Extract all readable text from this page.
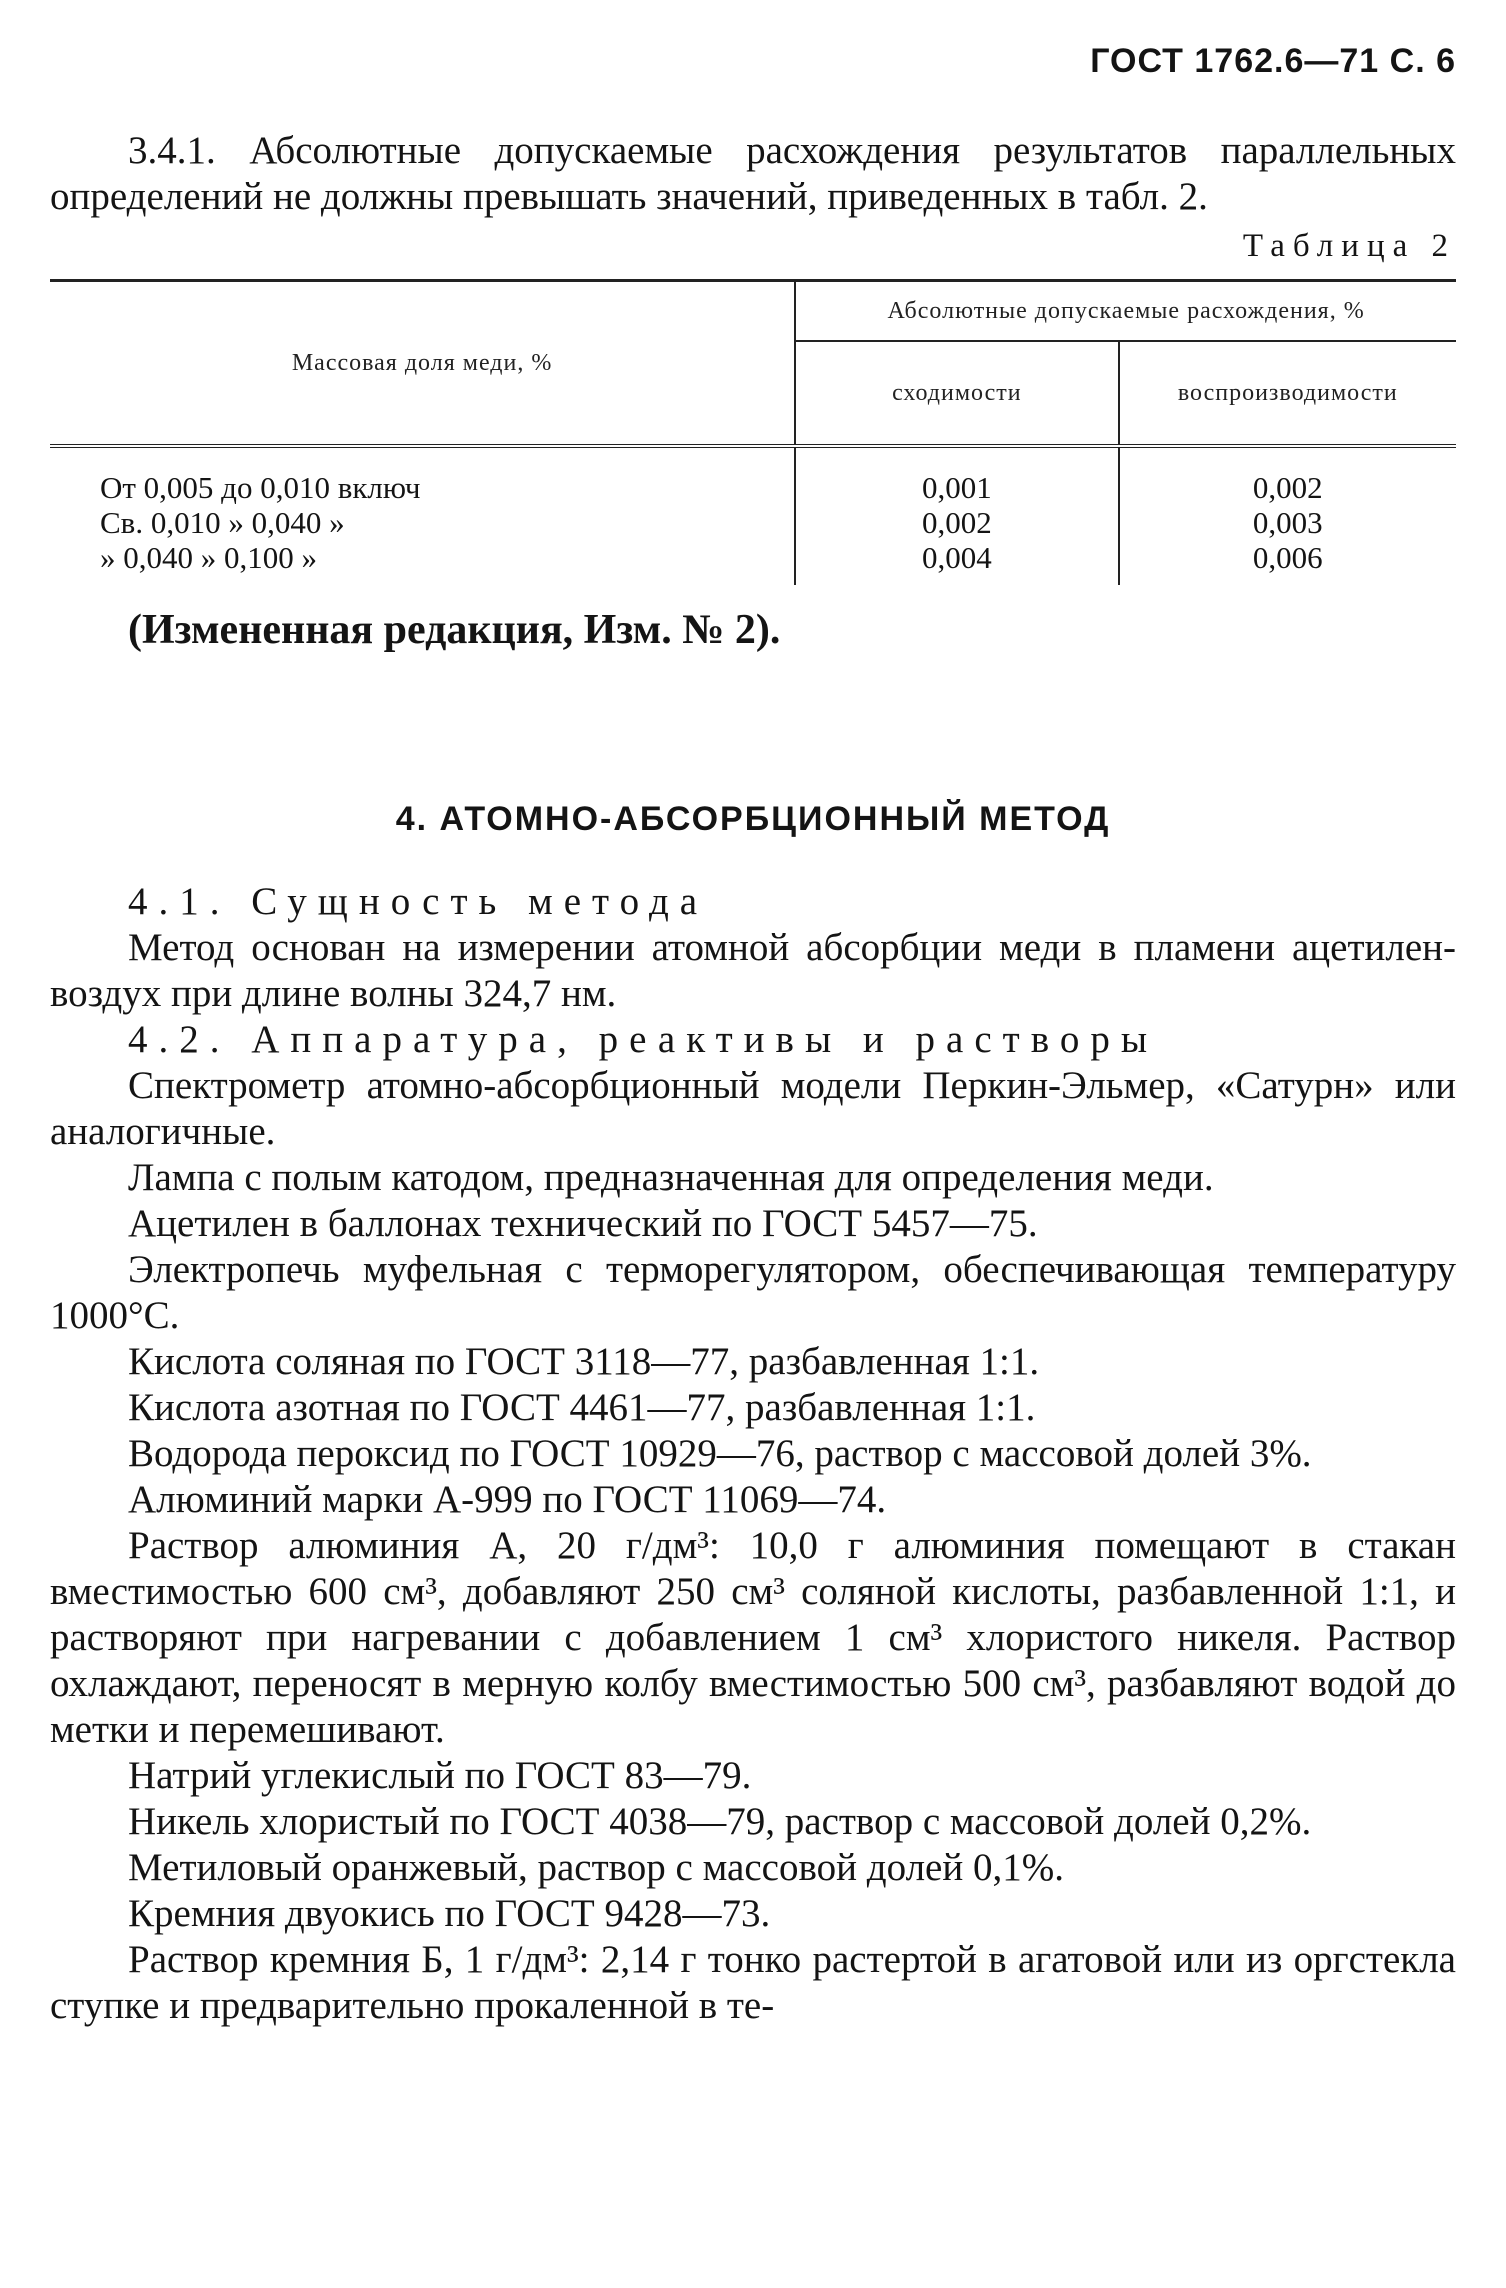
ГОСТ 1762.6—71 С. 6

3.4.1. Абсолютные допускаемые расхождения результатов параллельных определений не должны превышать значений, приведенных в табл. 2.

Таблица 2

Массовая доля меди, %	Абсолютные допускаемые расхождения, %	
	сходимости	воспроизводимости

От 0,005 до 0,010 включ	0,001	0,002
Св. 0,010 » 0,040 »	0,002	0,003
» 0,040 » 0,100 »	0,004	0,006

(Измененная редакция, Изм. № 2).

4. АТОМНО-АБСОРБЦИОННЫЙ МЕТОД

4.1. Сущность метода

Метод основан на измерении атомной абсорбции меди в пламени ацетилен-воздух при длине волны 324,7 нм.

4.2. Аппаратура, реактивы и растворы

Спектрометр атомно-абсорбционный модели Перкин-Эльмер, «Сатурн» или аналогичные.

Лампа с полым катодом, предназначенная для определения меди.

Ацетилен в баллонах технический по ГОСТ 5457—75.

Электропечь муфельная с терморегулятором, обеспечивающая температуру 1000°С.

Кислота соляная по ГОСТ 3118—77, разбавленная 1:1.

Кислота азотная по ГОСТ 4461—77, разбавленная 1:1.

Водорода пероксид по ГОСТ 10929—76, раствор с массовой долей 3%.

Алюминий марки А-999 по ГОСТ 11069—74.

Раствор алюминия А, 20 г/дм³: 10,0 г алюминия помещают в стакан вместимостью 600 см³, добавляют 250 см³ соляной кислоты, разбавленной 1:1, и растворяют при нагревании с добавлением 1 см³ хлористого никеля. Раствор охлаждают, переносят в мерную колбу вместимостью 500 см³, разбавляют водой до метки и перемешивают.

Натрий углекислый по ГОСТ 83—79.

Никель хлористый по ГОСТ 4038—79, раствор с массовой долей 0,2%.

Метиловый оранжевый, раствор с массовой долей 0,1%.

Кремния двуокись по ГОСТ 9428—73.

Раствор кремния Б, 1 г/дм³: 2,14 г тонко растертой в агатовой или из оргстекла ступке и предварительно прокаленной в те-
